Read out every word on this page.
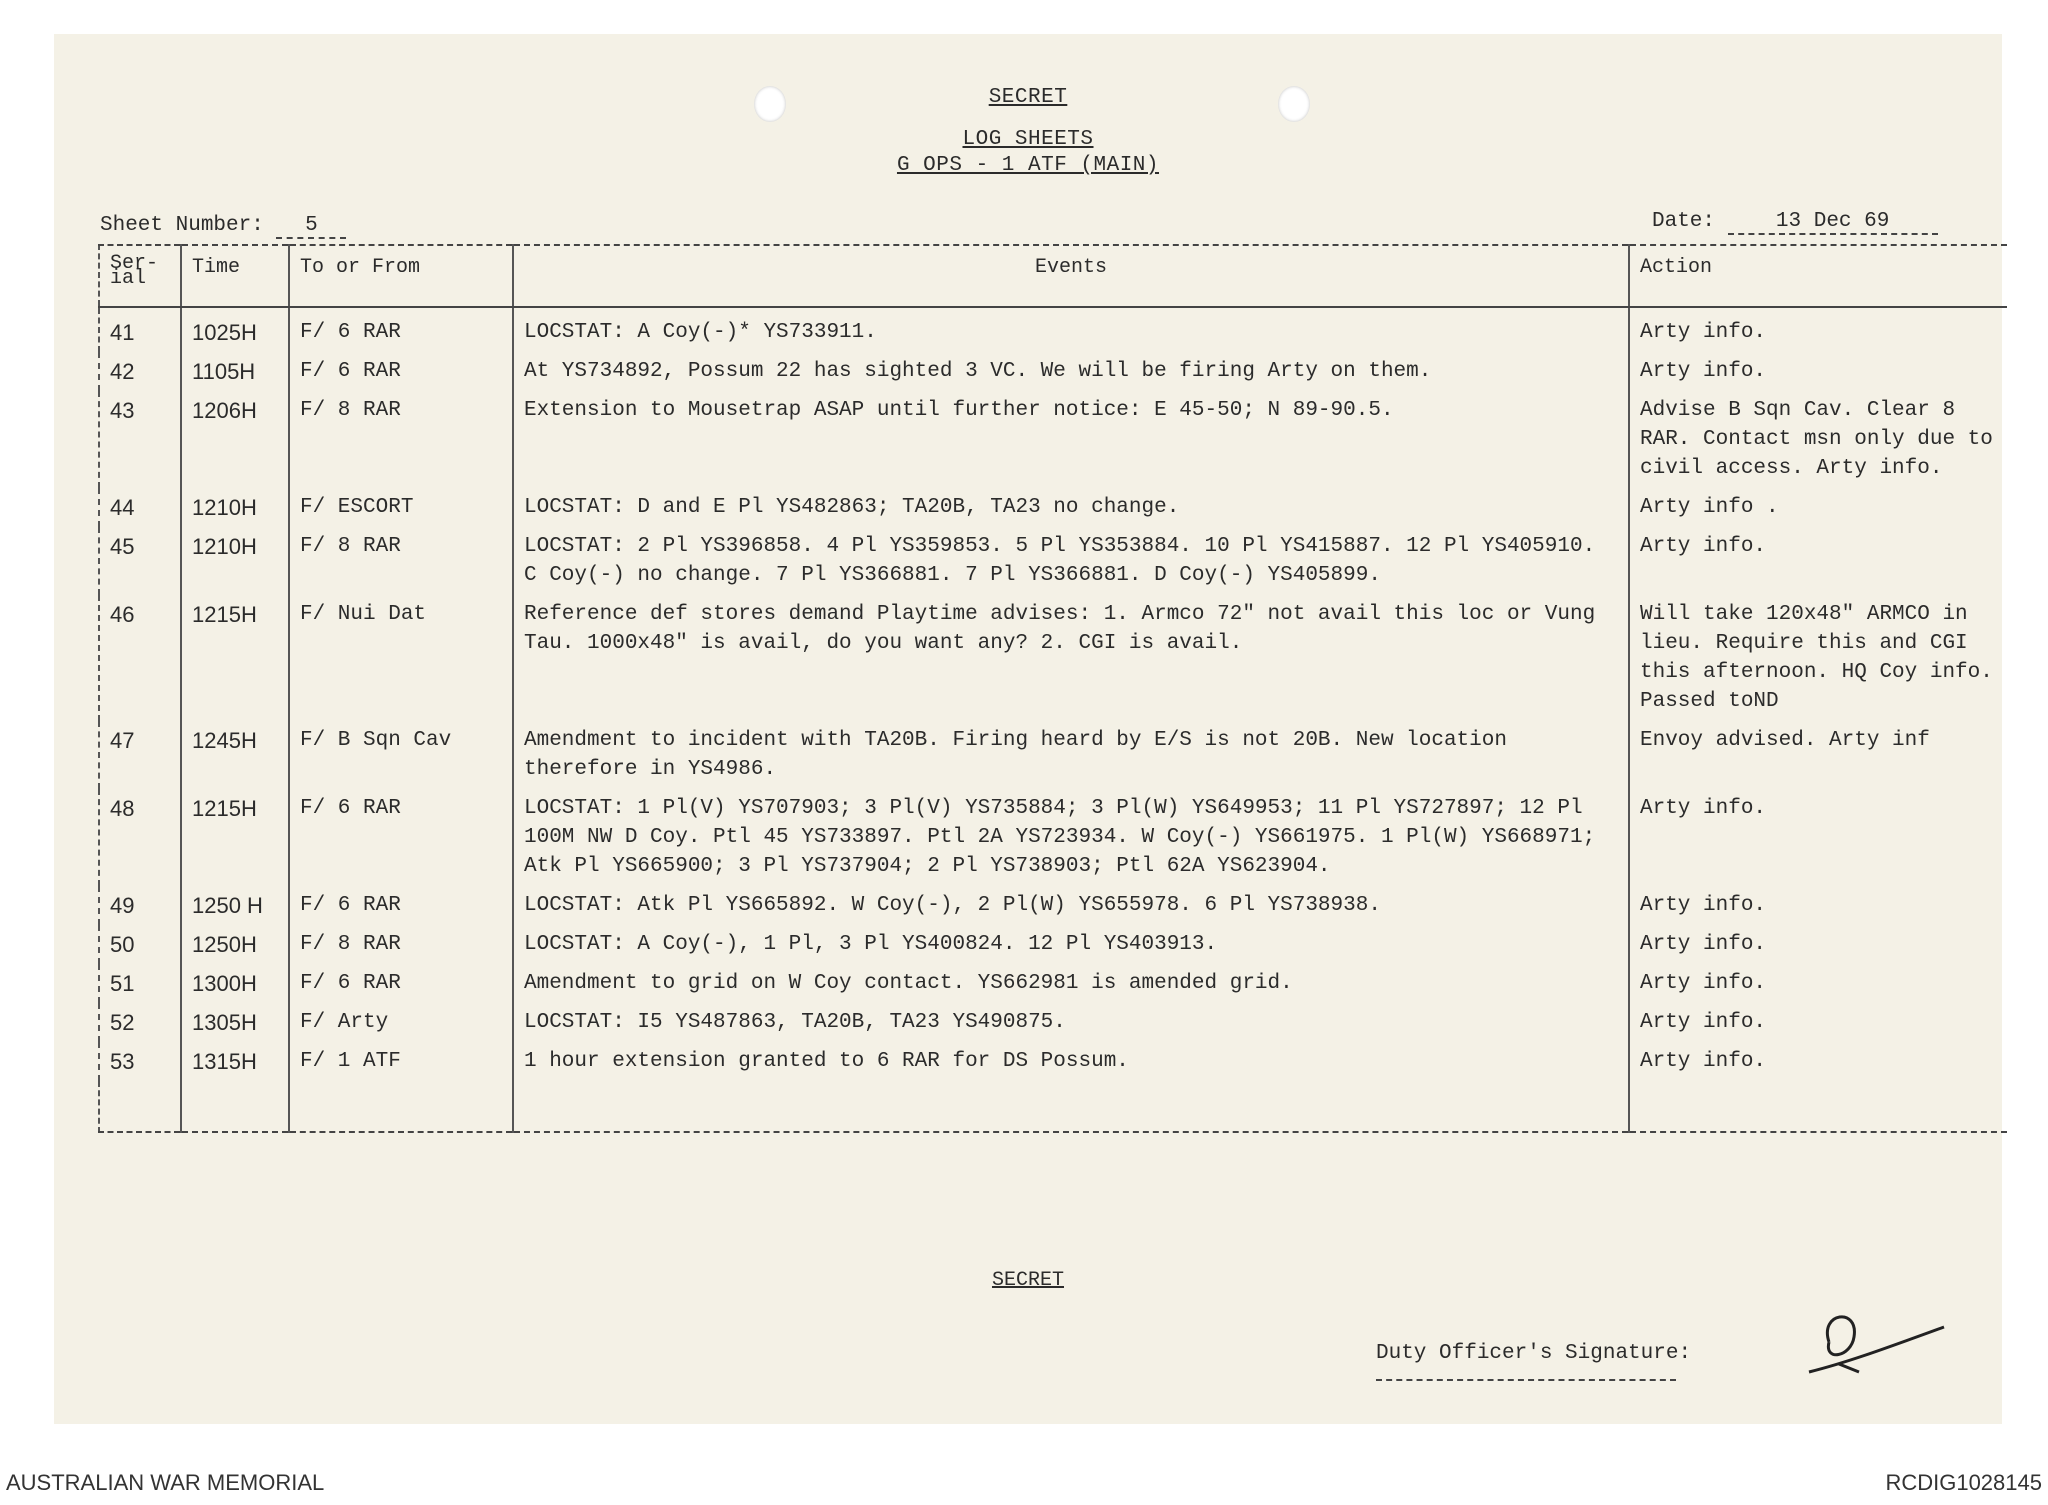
SECRET
LOG SHEETS
G OPS - 1 ATF (MAIN)
Sheet Number: 5	Date:	13 Dec 69
Ser-ial	Time	To or From	Events	Action
41	1025H	F/ 6 RAR	LOCSTAT: A Coy(-)* YS733911.	Arty info.
42	1105H	F/ 6 RAR	At YS734892, Possum 22 has sighted 3 VC. We will be firing Arty on them.	Arty info.
43	1206H	F/ 8 RAR	Extension to Mousetrap ASAP until further notice: E 45-50; N 89-90.5.	Advise B Sqn Cav. Clear 8 RAR. Contact msn only due to civil access. Arty info.
44	1210H	F/ ESCORT	LOCSTAT: D and E Pl YS482863; TA20B, TA23 no change.	Arty info .
45	1210H	F/ 8 RAR	LOCSTAT: 2 Pl YS396858. 4 Pl YS359853. 5 Pl YS353884. 10 Pl YS415887. 12 Pl YS405910. C Coy(-) no change. 7 Pl YS366881. 7 Pl YS366881. D Coy(-) YS405899.	Arty info.
46	1215H	F/ Nui Dat	Reference def stores demand Playtime advises: 1. Armco 72" not avail this loc or Vung Tau. 1000x48" is avail, do you want any? 2. CGI is avail.	Will take 120x48" ARMCO in lieu. Require this and CGI this afternoon. HQ Coy info. Passed toND
47	1245H	F/ B Sqn Cav	Amendment to incident with TA20B. Firing heard by E/S is not 20B. New location therefore in YS4986.	Envoy advised. Arty inf
48	1215H	F/ 6 RAR	LOCSTAT: 1 Pl(V) YS707903; 3 Pl(V) YS735884; 3 Pl(W) YS649953; 11 Pl YS727897; 12 Pl 100M NW D Coy. Ptl 45 YS733897. Ptl 2A YS723934. W Coy(-) YS661975. 1 Pl(W) YS668971; Atk Pl YS665900; 3 Pl YS737904; 2 Pl YS738903; Ptl 62A YS623904.	Arty info.
49	1250 H	F/ 6 RAR	LOCSTAT: Atk Pl YS665892. W Coy(-), 2 Pl(W) YS655978. 6 Pl YS738938.	Arty info.
50	1250H	F/ 8 RAR	LOCSTAT: A Coy(-), 1 Pl, 3 Pl YS400824. 12 Pl YS403913.	Arty info.
51	1300H	F/ 6 RAR	Amendment to grid on W Coy contact. YS662981 is amended grid.	Arty info.
52	1305H	F/ Arty	LOCSTAT: I5 YS487863, TA20B, TA23 YS490875.	Arty info.
53	1315H	F/ 1 ATF	1 hour extension granted to 6 RAR for DS Possum.	Arty info.

SECRET
Duty Officer's Signature:
AUSTRALIAN WAR MEMORIAL	RCDIG1028145
